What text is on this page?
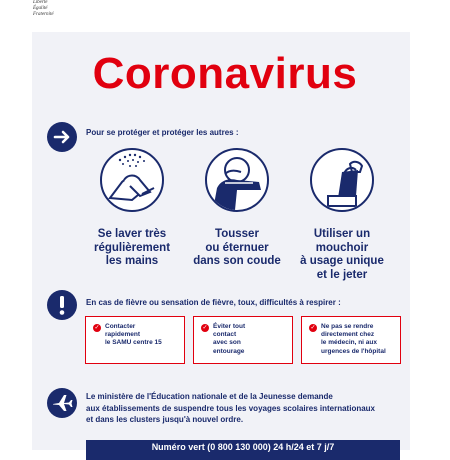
Liberté
Égalité
Fraternité
Coronavirus
Pour se protéger et protéger les autres :
Se laver très
régulièrement
les mains
Tousser
ou éternuer
dans son coude
Utiliser un
mouchoir
à usage unique
et le jeter
En cas de fièvre ou sensation de fièvre, toux, difficultés à respirer :
✓ Contacter
rapidement
le SAMU centre 15
✓ Éviter tout
contact
avec son
entourage
✓ Ne pas se rendre
directement chez
le médecin, ni aux
urgences de l'hôpital
Le ministère de l'Éducation nationale et de la Jeunesse demande
aux établissements de suspendre tous les voyages scolaires internationaux
et dans les clusters jusqu'à nouvel ordre.
Numéro vert (0 800 130 000) 24 h/24 et 7 j/7
